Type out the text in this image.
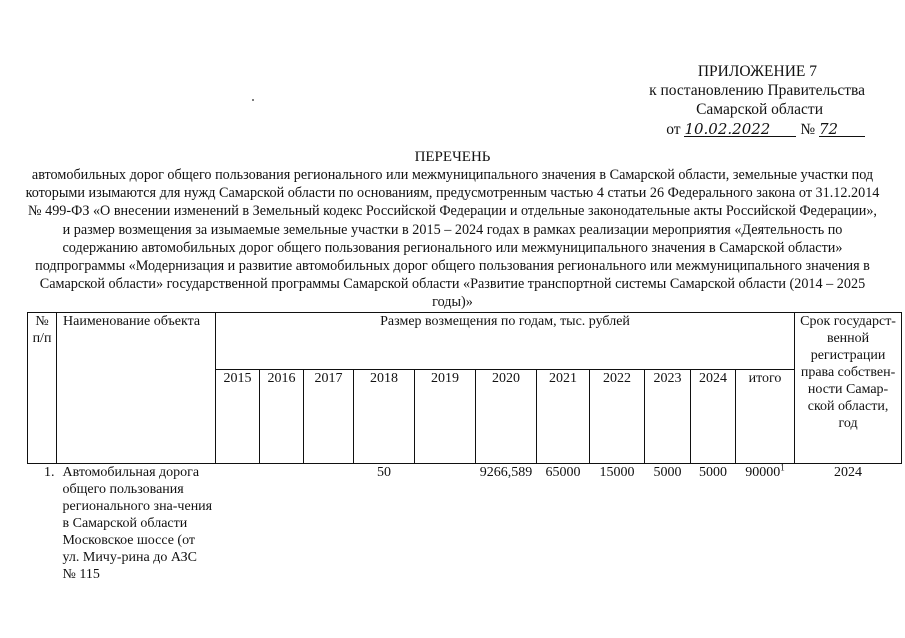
ПРИЛОЖЕНИЕ 7
к постановлению Правительства
Самарской области
от 10.02.2022 № 72
ПЕРЕЧЕНЬ
автомобильных дорог общего пользования регионального или межмуниципального значения в Самарской области, земельные участки под которыми изымаются для нужд Самарской области по основаниям, предусмотренным частью 4 статьи 26 Федерального закона от 31.12.2014 № 499-ФЗ «О внесении изменений в Земельный кодекс Российской Федерации и отдельные законодательные акты Российской Федерации», и размер возмещения за изымаемые земельные участки в 2015 – 2024 годах в рамках реализации мероприятия «Деятельность по содержанию автомобильных дорог общего пользования регионального или межмуниципального значения в Самарской области» подпрограммы «Модернизация и развитие автомобильных дорог общего пользования регионального или межмуниципального значения в Самарской области» государственной программы Самарской области «Развитие транспортной системы Самарской области (2014 – 2025 годы)»
№ п/п	Наименование объекта	Размер возмещения по годам, тыс. рублей											Срок государст-венной регистрации права собствен-ности Самар-ской области, год
		2015	2016	2017	2018	2019	2020	2021	2022	2023	2024	итого	
1.	Автомобильная дорога общего пользования регионального зна-чения в Самарской области Московское шоссе (от ул. Мичу-рина до АЗС № 115				50		9266,589	65000	15000	5000	5000	90000$^1$	2024
